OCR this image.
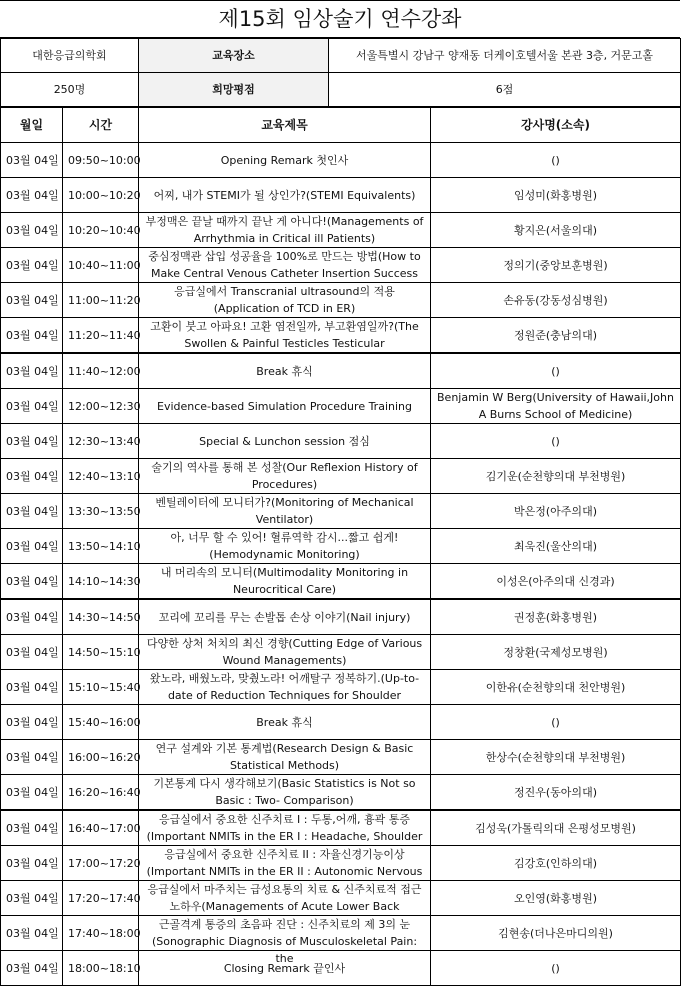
제15회 임상술기 연수강좌
대한응급의학회	교육장소	서울특별시 강남구 양재동 더케이호텔서울 본관 3층, 거문고홀
250명	희망평점	6점
월일	시간	교육제목	강사명(소속)
03월 04일	09:50~10:00	Opening Remark 첫인사	()
03월 04일	10:00~10:20	어찌, 내가 STEMI가 될 상인가?(STEMI Equivalents)	임성미(화홍병원)
03월 04일	10:20~10:40	부정맥은 끝날 때까지 끝난 게 아니다!(Managements of Arrhythmia in Critical ill Patients)	황지은(서울의대)
03월 04일	10:40~11:00	중심정맥관 삽입 성공율을 100%로 만드는 방법(How to Make Central Venous Catheter Insertion Success	정의기(중앙보훈병원)
03월 04일	11:00~11:20	응급실에서 Transcranial ultrasound의 적용 (Application of TCD in ER)	손유동(강동성심병원)
03월 04일	11:20~11:40	고환이 붓고 아파요! 고환 염전일까, 부고환염일까?(The Swollen & Painful Testicles Testicular	정원준(충남의대)
03월 04일	11:40~12:00	Break 휴식	()
03월 04일	12:00~12:30	Evidence-based Simulation Procedure Training	Benjamin W Berg(University of Hawaii,John A Burns School of Medicine)
03월 04일	12:30~13:40	Special & Lunchon session 점심	()
03월 04일	12:40~13:10	술기의 역사를 통해 본 성찰(Our Reflexion History of Procedures)	김기운(순천향의대 부천병원)
03월 04일	13:30~13:50	벤틸레이터에 모니터가?(Monitoring of Mechanical Ventilator)	박은정(아주의대)
03월 04일	13:50~14:10	아, 너무 할 수 있어! 혈류역학 감시...짧고 쉽게!(Hemodynamic Monitoring)	최욱진(울산의대)
03월 04일	14:10~14:30	내 머리속의 모니터(Multimodality Monitoring in Neurocritical Care)	이성은(아주의대 신경과)
03월 04일	14:30~14:50	꼬리에 꼬리를 무는 손발톱 손상 이야기(Nail injury)	권정훈(화홍병원)
03월 04일	14:50~15:10	다양한 상처 처치의 최신 경향(Cutting Edge of Various Wound Managements)	정창환(국제성모병원)
03월 04일	15:10~15:40	왔노라, 배웠노라, 맞췄노라! 어깨탈구 정복하기.(Up-to-date of Reduction Techniques for Shoulder	이한유(순천향의대 천안병원)
03월 04일	15:40~16:00	Break 휴식	()
03월 04일	16:00~16:20	연구 설계와 기본 통계법(Research Design & Basic Statistical Methods)	한상수(순천향의대 부천병원)
03월 04일	16:20~16:40	기본통계 다시 생각해보기(Basic Statistics is Not so Basic : Two- Comparison)	정진우(동아의대)
03월 04일	16:40~17:00	응급실에서 중요한 신주치료 I : 두통,어깨, 흉곽 통증 (Important NMITs in the ER I : Headache, Shoulder	김성욱(가톨릭의대 은평성모병원)
03월 04일	17:00~17:20	응급실에서 중요한 신주치료 II : 자율신경기능이상 (Important NMITs in the ER II : Autonomic Nervous	김강호(인하의대)
03월 04일	17:20~17:40	응급실에서 마주치는 급성요통의 치료 & 신주치료적 접근 노하우(Managements of Acute Lower Back	오인영(화홍병원)
03월 04일	17:40~18:00	근골격계 통증의 초음파 진단 : 신주치료의 제 3의 눈 (Sonographic Diagnosis of Musculoskeletal Pain: the	김현송(더나은마디의원)
03월 04일	18:00~18:10	Closing Remark 끝인사	()
